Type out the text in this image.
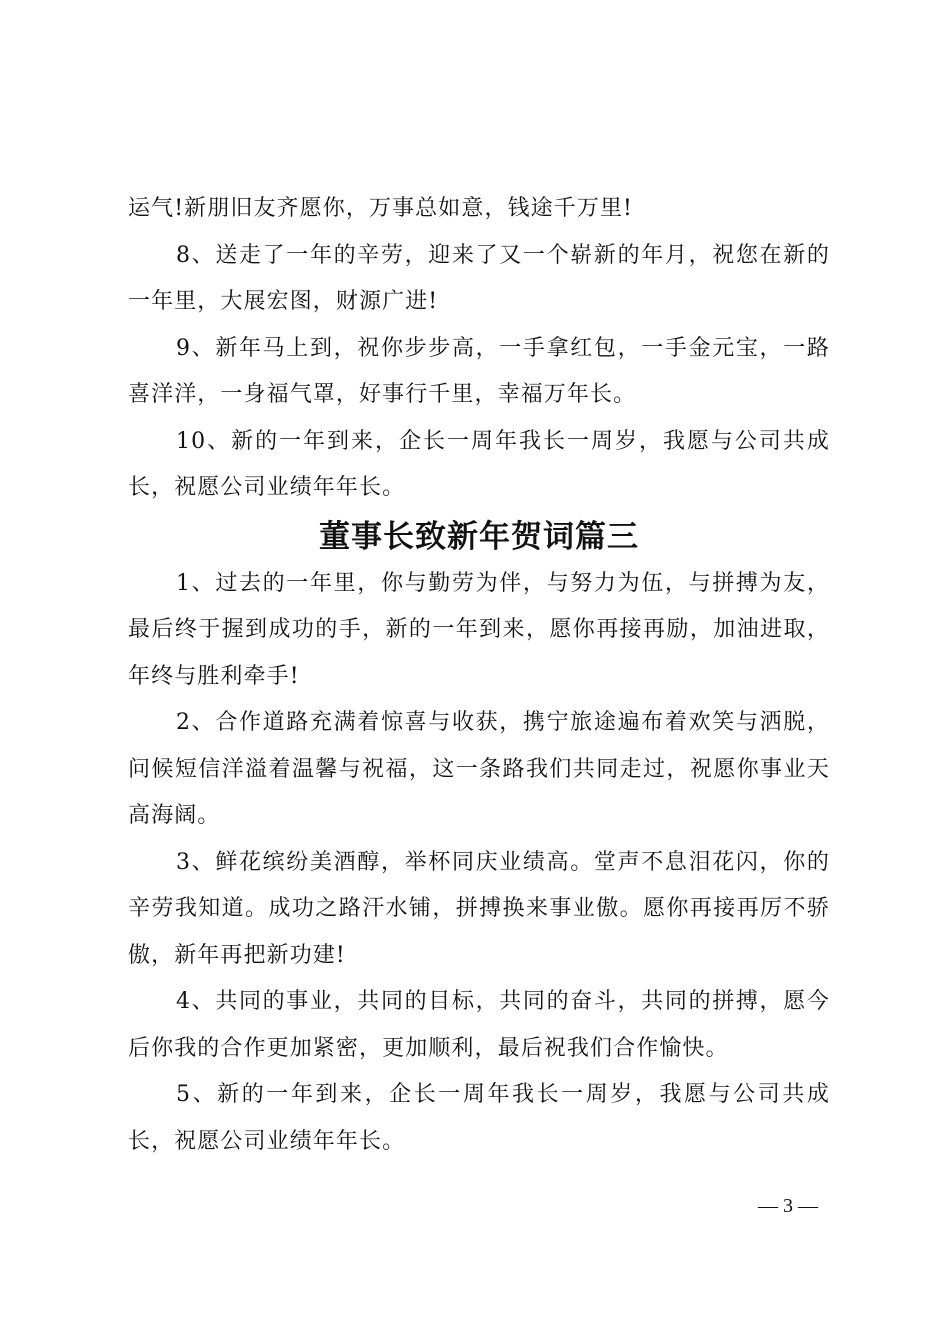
运气!新朋旧友齐愿你，万事总如意，钱途千万里!

8、送走了一年的辛劳，迎来了又一个崭新的年月，祝您在新的一年里，大展宏图，财源广进!

9、新年马上到，祝你步步高，一手拿红包，一手金元宝，一路喜洋洋，一身福气罩，好事行千里，幸福万年长。

10、新的一年到来，企长一周年我长一周岁，我愿与公司共成长，祝愿公司业绩年年长。

董事长致新年贺词篇三

1、过去的一年里，你与勤劳为伴，与努力为伍，与拼搏为友，最后终于握到成功的手，新的一年到来，愿你再接再励，加油进取，年终与胜利牵手!

2、合作道路充满着惊喜与收获，携宁旅途遍布着欢笑与洒脱，问候短信洋溢着温馨与祝福，这一条路我们共同走过，祝愿你事业天高海阔。

3、鲜花缤纷美酒醇，举杯同庆业绩高。堂声不息泪花闪，你的辛劳我知道。成功之路汗水铺，拼搏换来事业傲。愿你再接再厉不骄傲，新年再把新功建!

4、共同的事业，共同的目标，共同的奋斗，共同的拼搏，愿今后你我的合作更加紧密，更加顺利，最后祝我们合作愉快。

5、新的一年到来，企长一周年我长一周岁，我愿与公司共成长，祝愿公司业绩年年长。

— 3 —
